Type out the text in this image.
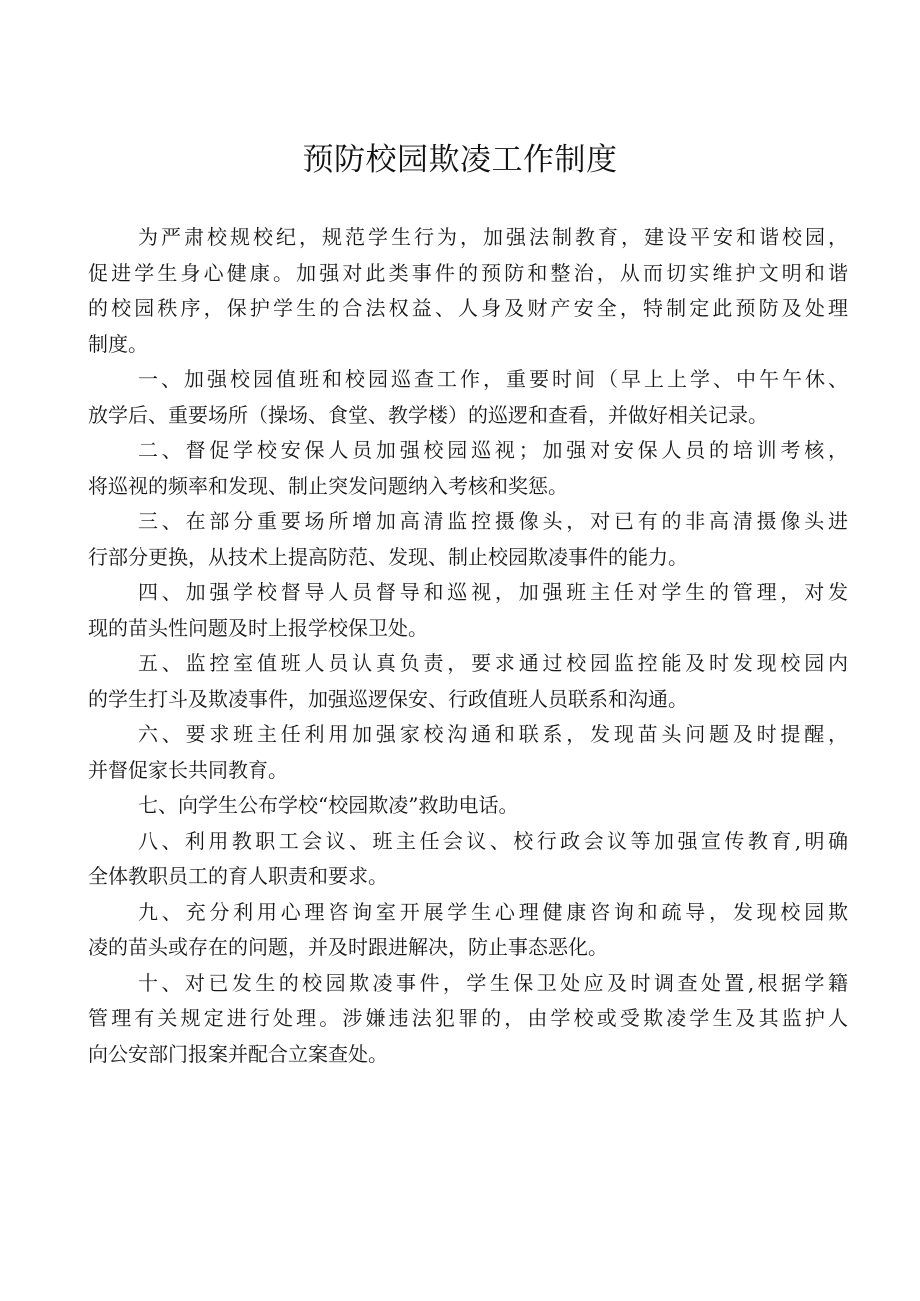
预防校园欺凌工作制度
为严肃校规校纪，规范学生行为，加强法制教育，建设平安和谐校园，
促进学生身心健康。加强对此类事件的预防和整治，从而切实维护文明和谐
的校园秩序，保护学生的合法权益、人身及财产安全，特制定此预防及处理
制度。
一、加强校园值班和校园巡查工作，重要时间（早上上学、中午午休、
放学后、重要场所（操场、食堂、教学楼）的巡逻和查看，并做好相关记录。
二、督促学校安保人员加强校园巡视；加强对安保人员的培训考核，
将巡视的频率和发现、制止突发问题纳入考核和奖惩。
三、在部分重要场所增加高清监控摄像头，对已有的非高清摄像头进
行部分更换，从技术上提高防范、发现、制止校园欺凌事件的能力。
四、加强学校督导人员督导和巡视，加强班主任对学生的管理，对发
现的苗头性问题及时上报学校保卫处。
五、监控室值班人员认真负责，要求通过校园监控能及时发现校园内
的学生打斗及欺凌事件，加强巡逻保安、行政值班人员联系和沟通。
六、要求班主任利用加强家校沟通和联系，发现苗头问题及时提醒，
并督促家长共同教育。
七、向学生公布学校“校园欺凌”救助电话。
八、利用教职工会议、班主任会议、校行政会议等加强宣传教育,明确
全体教职员工的育人职责和要求。
九、充分利用心理咨询室开展学生心理健康咨询和疏导，发现校园欺
凌的苗头或存在的问题，并及时跟进解决，防止事态恶化。
十、对已发生的校园欺凌事件，学生保卫处应及时调查处置,根据学籍
管理有关规定进行处理。涉嫌违法犯罪的，由学校或受欺凌学生及其监护人
向公安部门报案并配合立案查处。
